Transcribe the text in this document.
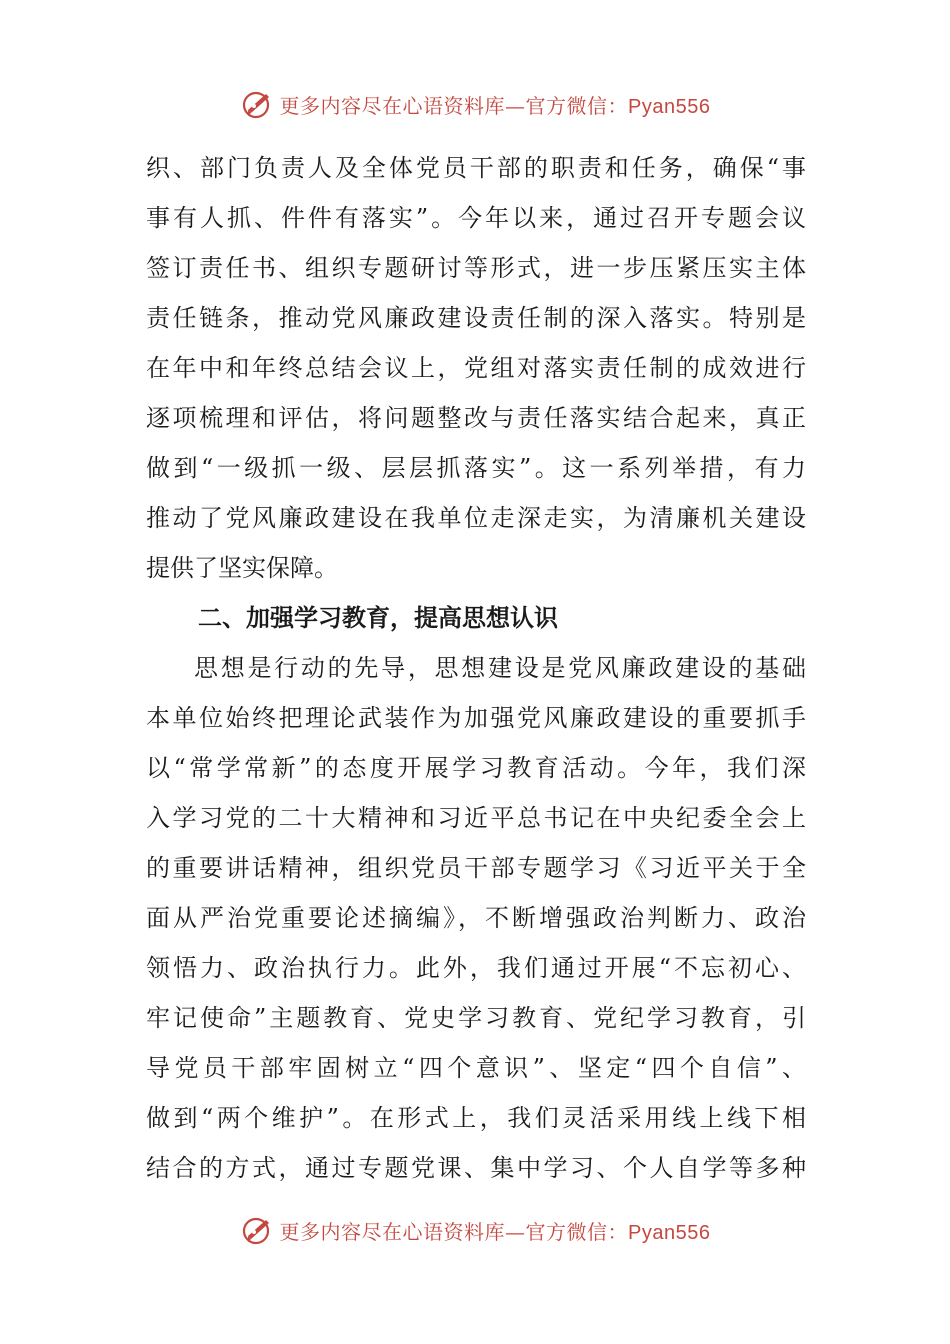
更多内容尽在心语资料库—官方微信：Pyan556
织、部门负责人及全体党员干部的职责和任务，确保“事
事有人抓、件件有落实”。今年以来，通过召开专题会议
签订责任书、组织专题研讨等形式，进一步压紧压实主体
责任链条，推动党风廉政建设责任制的深入落实。特别是
在年中和年终总结会议上，党组对落实责任制的成效进行
逐项梳理和评估，将问题整改与责任落实结合起来，真正
做到“一级抓一级、层层抓落实”。这一系列举措，有力
推动了党风廉政建设在我单位走深走实，为清廉机关建设
提供了坚实保障。
二、加强学习教育，提高思想认识
思想是行动的先导，思想建设是党风廉政建设的基础
本单位始终把理论武装作为加强党风廉政建设的重要抓手
以“常学常新”的态度开展学习教育活动。今年，我们深
入学习党的二十大精神和习近平总书记在中央纪委全会上
的重要讲话精神，组织党员干部专题学习《习近平关于全
面从严治党重要论述摘编》，不断增强政治判断力、政治
领悟力、政治执行力。此外，我们通过开展“不忘初心、
牢记使命”主题教育、党史学习教育、党纪学习教育，引
导党员干部牢固树立“四个意识”、坚定“四个自信”、
做到“两个维护”。在形式上，我们灵活采用线上线下相
结合的方式，通过专题党课、集中学习、个人自学等多种
更多内容尽在心语资料库—官方微信：Pyan556
